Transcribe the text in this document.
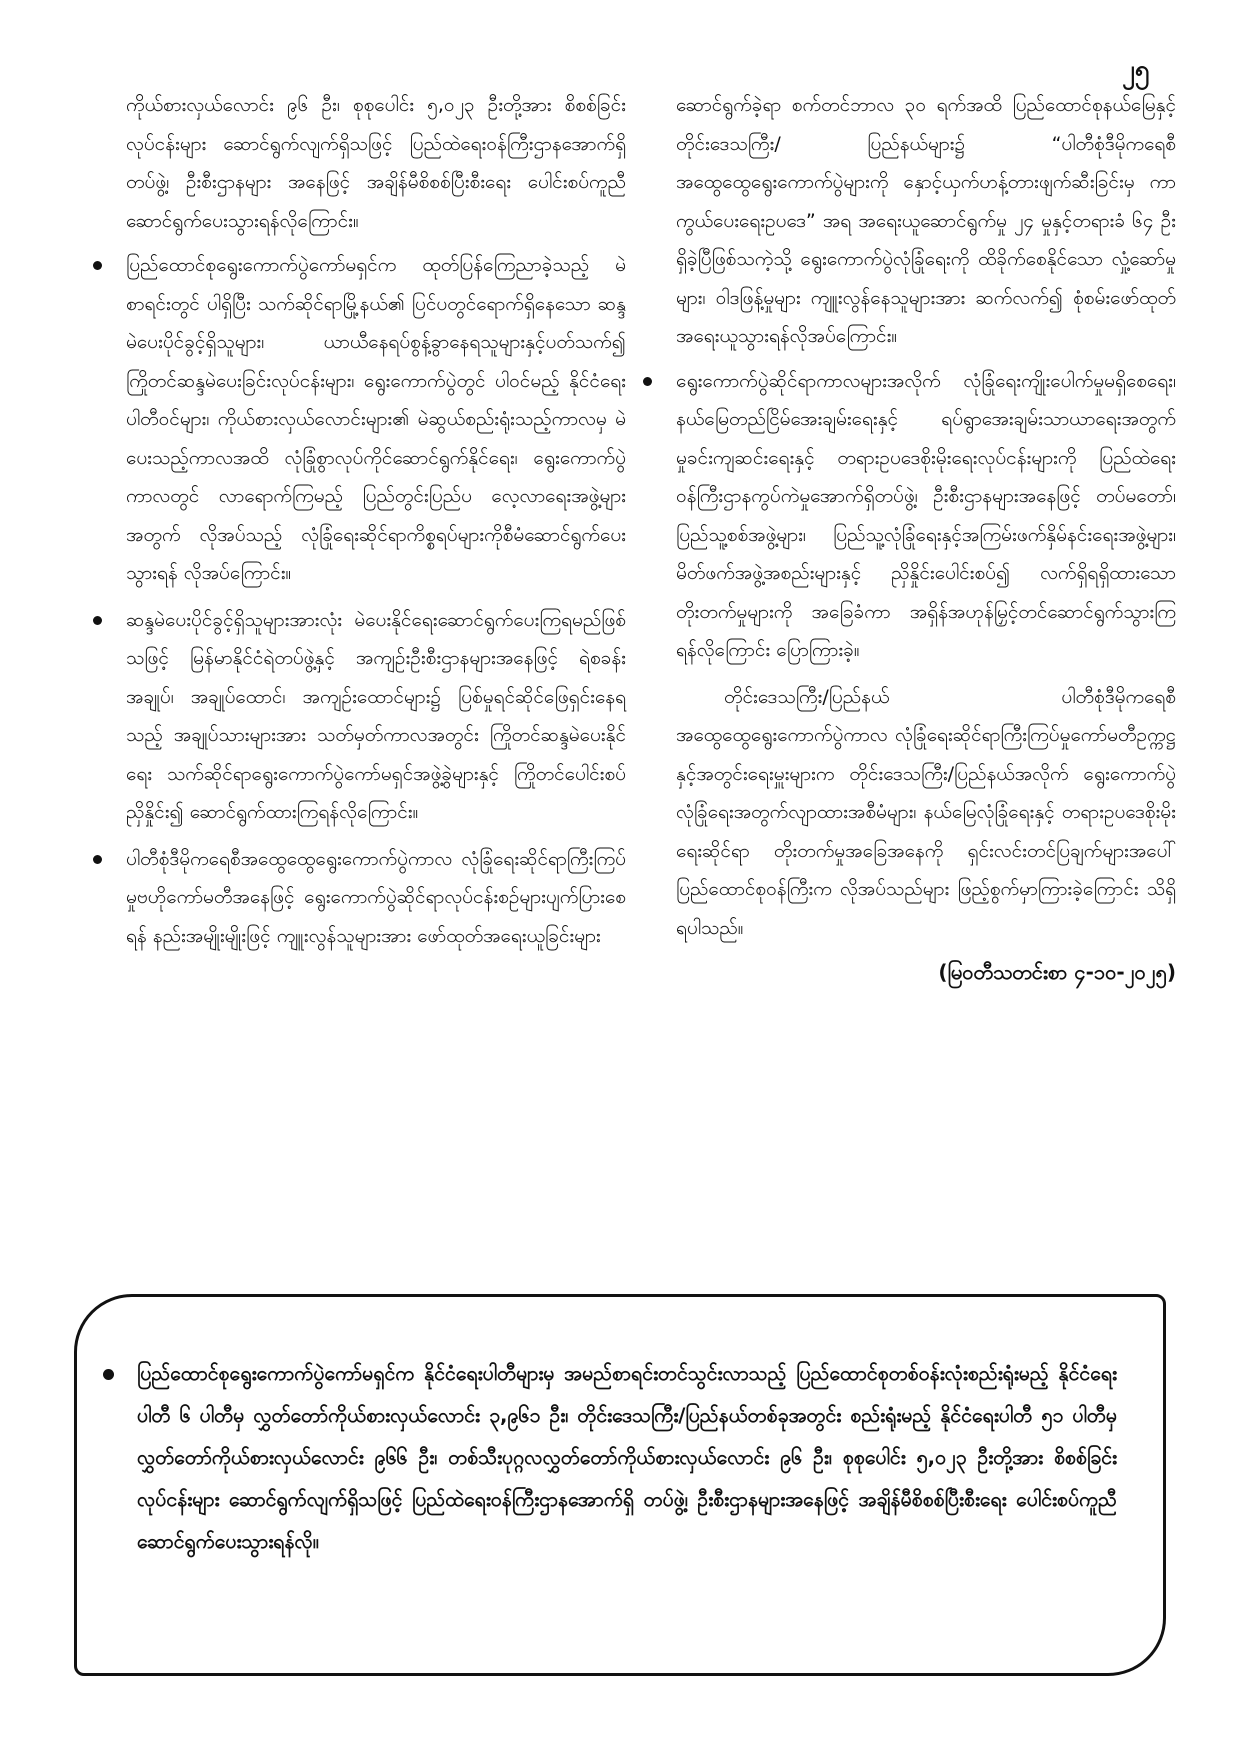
၂၅

ကိုယ်စားလှယ်လောင်း ၉၆ ဦး၊ စုစုပေါင်း ၅,၀၂၃ ဦးတို့အား စိစစ်ခြင်းလုပ်ငန်းများ ဆောင်ရွက်လျက်ရှိသဖြင့် ပြည်ထဲရေးဝန်ကြီးဌာနအောက်ရှိ တပ်ဖွဲ့၊ ဦးစီးဌာနများ အနေဖြင့် အချိန်မီစိစစ်ပြီးစီးရေး ပေါင်းစပ်ကူညီဆောင်ရွက်ပေးသွားရန်လိုကြောင်း။

ပြည်ထောင်စုရွေးကောက်ပွဲကော်မရှင်က ထုတ်ပြန်ကြေညာခဲ့သည့် မဲစာရင်းတွင် ပါရှိပြီး သက်ဆိုင်ရာမြို့နယ်၏ ပြင်ပတွင်ရောက်ရှိနေသော ဆန္ဒမဲပေးပိုင်ခွင့်ရှိသူများ၊ ယာယီနေရပ်စွန့်ခွာနေရသူများနှင့်ပတ်သက်၍ ကြိုတင်ဆန္ဒမဲပေးခြင်းလုပ်ငန်းများ၊ ရွေးကောက်ပွဲတွင် ပါဝင်မည့် နိုင်ငံရေးပါတီဝင်များ၊ ကိုယ်စားလှယ်လောင်းများ၏ မဲဆွယ်စည်းရုံးသည့်ကာလမှ မဲပေးသည့်ကာလအထိ လုံခြုံစွာလုပ်ကိုင်ဆောင်ရွက်နိုင်ရေး၊ ရွေးကောက်ပွဲကာလတွင် လာရောက်ကြမည့် ပြည်တွင်းပြည်ပ လေ့လာရေးအဖွဲ့များအတွက် လိုအပ်သည့် လုံခြုံရေးဆိုင်ရာကိစ္စရပ်များကိုစီမံဆောင်ရွက်ပေးသွားရန် လိုအပ်ကြောင်း။
ဆန္ဒမဲပေးပိုင်ခွင့်ရှိသူများအားလုံး မဲပေးနိုင်ရေးဆောင်ရွက်ပေးကြရမည်ဖြစ်သဖြင့် မြန်မာနိုင်ငံရဲတပ်ဖွဲ့နှင့် အကျဉ်းဦးစီးဌာနများအနေဖြင့် ရဲစခန်းအချုပ်၊ အချုပ်ထောင်၊ အကျဉ်းထောင်များ၌ ပြစ်မှုရင်ဆိုင်ဖြေရှင်းနေရသည့် အချုပ်သားများအား သတ်မှတ်ကာလအတွင်း ကြိုတင်ဆန္ဒမဲပေးနိုင်ရေး သက်ဆိုင်ရာရွေးကောက်ပွဲကော်မရှင်အဖွဲ့ခွဲများနှင့် ကြိုတင်ပေါင်းစပ်ညှိနှိုင်း၍ ဆောင်ရွက်ထားကြရန်လိုကြောင်း။
ပါတီစုံဒီမိုကရေစီအထွေထွေရွေးကောက်ပွဲကာလ လုံခြုံရေးဆိုင်ရာကြီးကြပ်မှုဗဟိုကော်မတီအနေဖြင့် ရွေးကောက်ပွဲဆိုင်ရာလုပ်ငန်းစဉ်များပျက်ပြားစေရန် နည်းအမျိုးမျိုးဖြင့် ကျူးလွန်သူများအား ဖော်ထုတ်အရေးယူခြင်းများ

ဆောင်ရွက်ခဲ့ရာ စက်တင်ဘာလ ၃၀ ရက်အထိ ပြည်ထောင်စုနယ်မြေနှင့် တိုင်းဒေသကြီး/ ပြည်နယ်များ၌ “ပါတီစုံဒီမိုကရေစီအထွေထွေရွေးကောက်ပွဲများကို နှောင့်ယှက်ဟန့်တားဖျက်ဆီးခြင်းမှ ကာကွယ်ပေးရေးဥပဒေ” အရ အရေးယူဆောင်ရွက်မှု ၂၄ မှုနှင့်တရားခံ ၆၄ ဦးရှိခဲ့ပြီဖြစ်သကဲ့သို့ ရွေးကောက်ပွဲလုံခြုံရေးကို ထိခိုက်စေနိုင်သော လှုံ့ဆော်မှုများ၊ ဝါဒဖြန့်မှုများ ကျူးလွန်နေသူများအား ဆက်လက်၍ စုံစမ်းဖော်ထုတ်အရေးယူသွားရန်လိုအပ်ကြောင်း။

ရွေးကောက်ပွဲဆိုင်ရာကာလများအလိုက် လုံခြုံရေးကျိုးပေါက်မှုမရှိစေရေး၊ နယ်မြေတည်ငြိမ်အေးချမ်းရေးနှင့် ရပ်ရွာအေးချမ်းသာယာရေးအတွက် မှုခင်းကျဆင်းရေးနှင့် တရားဥပဒေစိုးမိုးရေးလုပ်ငန်းများကို ပြည်ထဲရေးဝန်ကြီးဌာနကွပ်ကဲမှုအောက်ရှိတပ်ဖွဲ့၊ ဦးစီးဌာနများအနေဖြင့် တပ်မတော်၊ ပြည်သူ့စစ်အဖွဲ့များ၊ ပြည်သူ့လုံခြုံရေးနှင့်အကြမ်းဖက်နှိမ်နင်းရေးအဖွဲ့များ၊ မိတ်ဖက်အဖွဲ့အစည်းများနှင့် ညှိနှိုင်းပေါင်းစပ်၍ လက်ရှိရရှိထားသောတိုးတက်မှုများကို အခြေခံကာ အရှိန်အဟုန်မြှင့်တင်ဆောင်ရွက်သွားကြရန်လိုကြောင်း ပြောကြားခဲ့။

တိုင်းဒေသကြီး/ပြည်နယ် ပါတီစုံဒီမိုကရေစီအထွေထွေရွေးကောက်ပွဲကာလ လုံခြုံရေးဆိုင်ရာကြီးကြပ်မှုကော်မတီဥက္ကဋ္ဌနှင့်အတွင်းရေးမှူးများက တိုင်းဒေသကြီး/ပြည်နယ်အလိုက် ရွေးကောက်ပွဲ လုံခြုံရေးအတွက်လျာထားအစီမံများ၊ နယ်မြေလုံခြုံရေးနှင့် တရားဥပဒေစိုးမိုးရေးဆိုင်ရာ တိုးတက်မှုအခြေအနေကို ရှင်းလင်းတင်ပြချက်များအပေါ် ပြည်ထောင်စုဝန်ကြီးက လိုအပ်သည်များ ဖြည့်စွက်မှာကြားခဲ့ကြောင်း သိရှိရပါသည်။

(မြဝတီသတင်းစာ ၄-၁၀-၂၀၂၅)
ပြည်ထောင်စုရွေးကောက်ပွဲကော်မရှင်က နိုင်ငံရေးပါတီများမှ အမည်စာရင်းတင်သွင်းလာသည့် ပြည်ထောင်စုတစ်ဝန်းလုံးစည်းရုံးမည့် နိုင်ငံရေးပါတီ ၆ ပါတီမှ လွှတ်တော်ကိုယ်စားလှယ်လောင်း ၃,၉၆၁ ဦး၊ တိုင်းဒေသကြီး/ပြည်နယ်တစ်ခုအတွင်း စည်းရုံးမည့် နိုင်ငံရေးပါတီ ၅၁ ပါတီမှ လွှတ်တော်ကိုယ်စားလှယ်လောင်း ၉၆၆ ဦး၊ တစ်သီးပုဂ္ဂလလွှတ်တော်ကိုယ်စားလှယ်လောင်း ၉၆ ဦး၊ စုစုပေါင်း ၅,၀၂၃ ဦးတို့အား စိစစ်ခြင်းလုပ်ငန်းများ ဆောင်ရွက်လျက်ရှိသဖြင့် ပြည်ထဲရေးဝန်ကြီးဌာနအောက်ရှိ တပ်ဖွဲ့၊ ဦးစီးဌာနများအနေဖြင့် အချိန်မီစိစစ်ပြီးစီးရေး ပေါင်းစပ်ကူညီဆောင်ရွက်ပေးသွားရန်လို။
